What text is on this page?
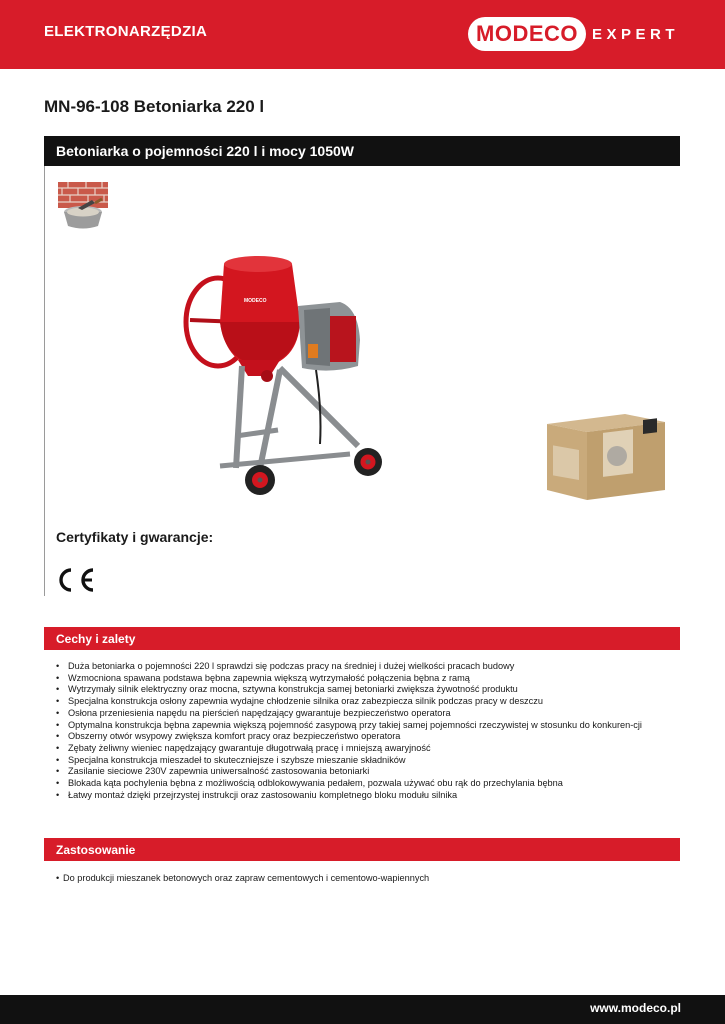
ELEKTRONARZĘDZIA	MODECO EXPERT
MN-96-108 Betoniarka 220 l
Betoniarka o pojemności 220 l i mocy 1050W
MODECO
Certyfikaty i gwarancje:
Cechy i zalety
• Duża betoniarka o pojemności 220 l sprawdzi się podczas pracy na średniej i dużej wielkości pracach budowy
• Wzmocniona spawana podstawa bębna zapewnia większą wytrzymałość połączenia bębna z ramą
• Wytrzymały silnik elektryczny oraz mocna, sztywna konstrukcja samej betoniarki zwiększa żywotność produktu
• Specjalna konstrukcja osłony zapewnia wydajne chłodzenie silnika oraz zabezpiecza silnik podczas pracy w deszczu
• Osłona przeniesienia napędu na pierścień napędzający gwarantuje bezpieczeństwo operatora
• Optymalna konstrukcja bębna zapewnia większą pojemność zasypową przy takiej samej pojemności rzeczywistej w stosunku do konkuren-cji
• Obszerny otwór wsypowy zwiększa komfort pracy oraz bezpieczeństwo operatora
• Zębaty żeliwny wieniec napędzający gwarantuje długotrwałą pracę i mniejszą awaryjność
• Specjalna konstrukcja mieszadeł to skuteczniejsze i szybsze mieszanie składników
• Zasilanie sieciowe 230V zapewnia uniwersalność zastosowania betoniarki
• Blokada kąta pochylenia bębna z możliwością odblokowywania pedałem, pozwala używać obu rąk do przechylania bębna
• Łatwy montaż dzięki przejrzystej instrukcji oraz zastosowaniu kompletnego bloku modułu silnika
Zastosowanie
• Do produkcji mieszanek betonowych oraz zapraw cementowych i cementowo-wapiennych
www.modeco.pl
